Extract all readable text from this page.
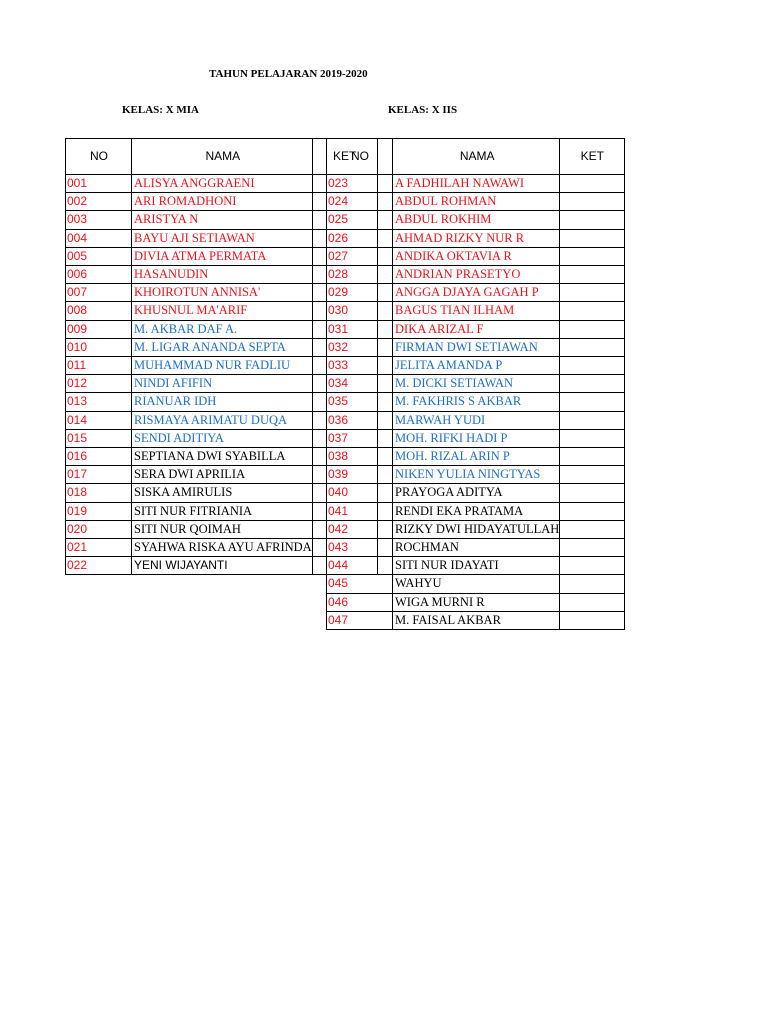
TAHUN PELAJARAN 2019-2020
KELAS: X MIA	KELAS: X IIS
NO	NAMA	KET
001	ALISYA ANGGRAENI	
002	ARI ROMADHONI	
003	ARISTYA N	
004	BAYU AJI SETIAWAN	
005	DIVIA ATMA PERMATA	
006	HASANUDIN	
007	KHOIROTUN ANNISA'	
008	KHUSNUL MA'ARIF	
009	M. AKBAR DAF A.	
010	M. LIGAR ANANDA SEPTA	
011	MUHAMMAD NUR FADLIU	
012	NINDI AFIFIN	
013	RIANUAR IDH	
014	RISMAYA ARIMATU DUQA	
015	SENDI ADITIYA	
016	SEPTIANA DWI SYABILLA	
017	SERA DWI APRILIA	
018	SISKA AMIRULIS	
019	SITI NUR FITRIANIA	
020	SITI NUR QOIMAH	
021	SYAHWA RISKA AYU AFRINDA	
022	YENI WIJAYANTI	
NO	NAMA	KET
023	A FADHILAH NAWAWI	
024	ABDUL ROHMAN	
025	ABDUL ROKHIM	
026	AHMAD RIZKY NUR R	
027	ANDIKA OKTAVIA R	
028	ANDRIAN PRASETYO	
029	ANGGA DJAYA GAGAH P	
030	BAGUS TIAN ILHAM	
031	DIKA ARIZAL F	
032	FIRMAN DWI SETIAWAN	
033	JELITA AMANDA P	
034	M. DICKI SETIAWAN	
035	M. FAKHRIS S AKBAR	
036	MARWAH YUDI	
037	MOH. RIFKI HADI P	
038	MOH. RIZAL ARIN P	
039	NIKEN YULIA NINGTYAS	
040	PRAYOGA ADITYA	
041	RENDI EKA PRATAMA	
042	RIZKY DWI HIDAYATULLAH	
043	ROCHMAN	
044	SITI NUR IDAYATI	
045	WAHYU	
046	WIGA MURNI R	
047	M. FAISAL AKBAR	
